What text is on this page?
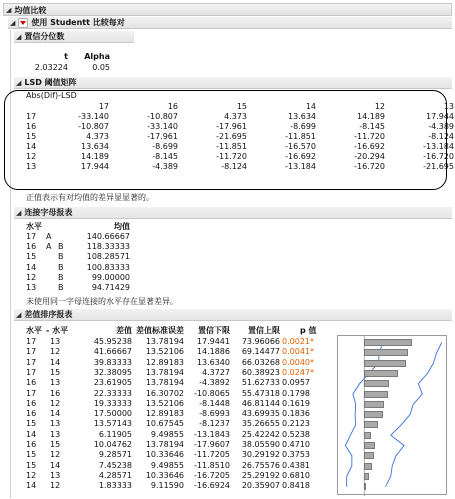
◢ 均值比较
◢ 使用 Studentt 比较每对
◢ 置信分位数
t	Alpha
2.03224	0.05
◢ LSD 阈值矩阵
Abs(Dif)-LSD
	17	16	15	14	12	13
17	-33.140	-10.807	4.373	13.634	14.189	17.944
16	-10.807	-33.140	-17.961	-8.699	-8.145	-4.389
15	4.373	-17.961	-21.695	-11.851	-11.720	-8.124
14	13.634	-8.699	-11.851	-16.570	-16.692	-13.184
12	14.189	-8.145	-11.720	-16.692	-20.294	-16.720
13	17.944	-4.389	-8.124	-13.184	-16.720	-21.695
正值表示有对均值的差异显显著的。
◢ 连接字母报表
水平	均值
17	A	140.66667
16	A B	118.33333
15	B	108.28571
14	B	100.83333
12	B	99.00000
13	B	94.71429
未使用同一字母连接的水平存在显著差异。
◢ 差值排序报表
水平 - 水平	差值 差值标准误差	置信下限	置信上限	p 值
17	13	45.95238	13.78194	17.9441	73.96066 0.0021*
17	12	41.66667	13.52106	14.1886	69.14477 0.0041*
17	14	39.83333	12.89183	13.6340	66.03268 0.0040*
17	15	32.38095	13.78194	4.3727	60.38923 0.0247*
16	13	23.61905	13.78194	-4.3892	51.62733 0.0957
17	16	22.33333	16.30702	-10.8065	55.47318 0.1798
16	12	19.33333	13.52106	-8.1448	46.81144 0.1619
16	14	17.50000	12.89183	-8.6993	43.69935 0.1836
15	13	13.57143	10.67545	-8.1237	35.26655 0.2123
14	13	6.11905	9.49855	-13.1843	25.42242 0.5238
16	15	10.04762	13.78194	-17.9607	38.05590 0.4710
15	12	9.28571	10.33646	-11.7205	30.29192 0.3753
15	14	7.45238	9.49855	-11.8510	26.75576 0.4381
12	13	4.28571	10.33646	-16.7205	25.29192 0.6810
14	12	1.83333	9.11590	-16.6924	20.35907 0.8418
